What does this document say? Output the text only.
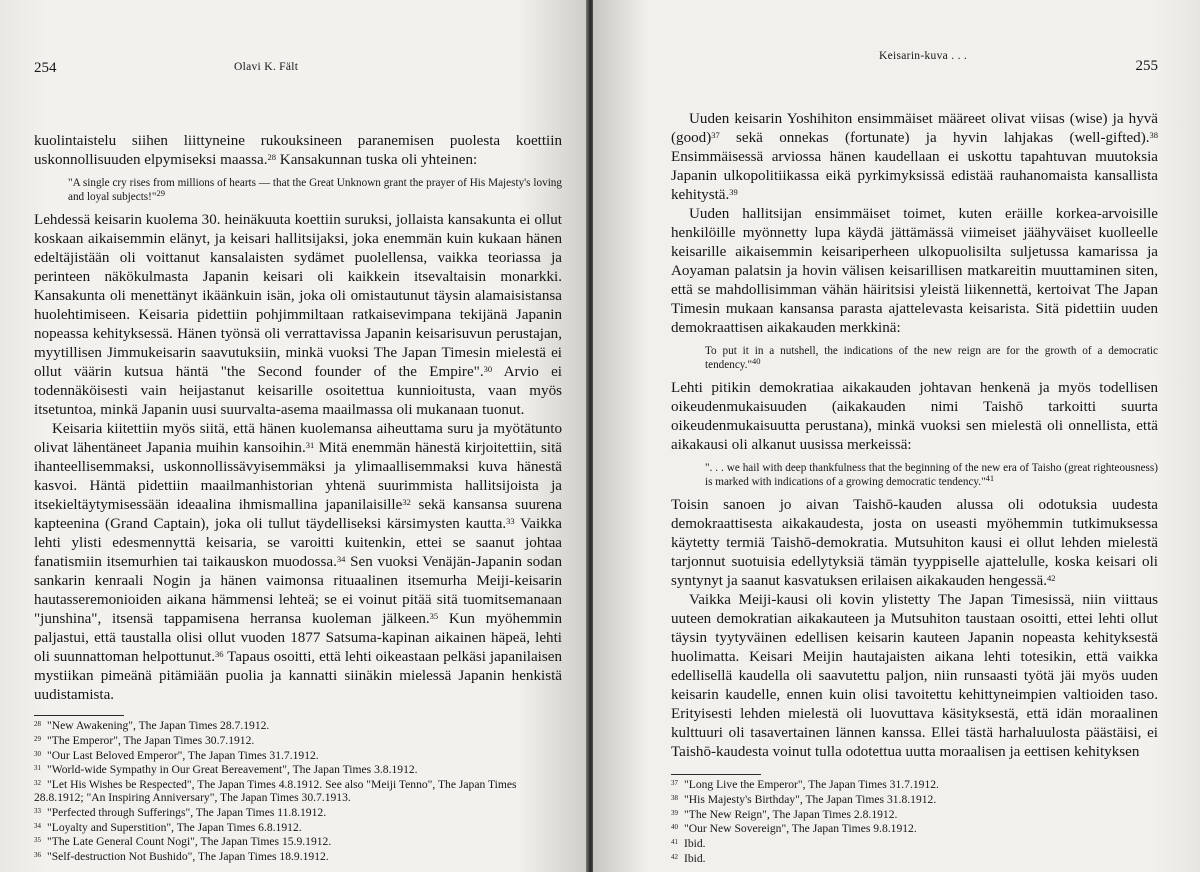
254	Olavi K. Fält

kuolintaistelu siihen liittyneine rukouksineen paranemisen puolesta koettiin uskonnollisuuden elpymiseksi maassa.$^{28}$ Kansakunnan tuska oli yhteinen:

"A single cry rises from millions of hearts — that the Great Unknown grant the prayer of His Majesty's loving and loyal subjects!"$^{29}$

Lehdessä keisarin kuolema 30. heinäkuuta koettiin suruksi, jollaista kansakunta ei ollut koskaan aikaisemmin elänyt, ja keisari hallitsijaksi, joka enemmän kuin kukaan hänen edeltäjistään oli voittanut kansalaisten sydämet puolellensa, vaikka teoriassa ja perinteen näkökulmasta Japanin keisari oli kaikkein itsevaltaisin monarkki. Kansakunta oli menettänyt ikäänkuin isän, joka oli omistautunut täysin alamaisistansa huolehtimiseen. Keisaria pidettiin pohjimmiltaan ratkaisevimpana tekijänä Japanin nopeassa kehityksessä. Hänen työnsä oli verrattavissa Japanin keisarisuvun perustajan, myytillisen Jimmukeisarin saavutuksiin, minkä vuoksi The Japan Timesin mielestä ei ollut väärin kutsua häntä "the Second founder of the Empire".$^{30}$ Arvio ei todennäköisesti vain heijastanut keisarille osoitettua kunnioitusta, vaan myös itsetuntoa, minkä Japanin uusi suurvalta-asema maailmassa oli mukanaan tuonut.

Keisaria kiitettiin myös siitä, että hänen kuolemansa aiheuttama suru ja myötätunto olivat lähentäneet Japania muihin kansoihin.$^{31}$ Mitä enemmän hänestä kirjoitettiin, sitä ihanteellisemmaksi, uskonnollissävyisemmäksi ja ylimaallisemmaksi kuva hänestä kasvoi. Häntä pidettiin maailmanhistorian yhtenä suurimmista hallitsijoista ja itsekieltäytymisessään ideaalina ihmismallina japanilaisille$^{32}$ sekä kansansa suurena kapteenina (Grand Captain), joka oli tullut täydelliseksi kärsimysten kautta.$^{33}$ Vaikka lehti ylisti edesmennyttä keisaria, se varoitti kuitenkin, ettei se saanut johtaa fanatismiin itsemurhien tai taikauskon muodossa.$^{34}$ Sen vuoksi Venäjän-Japanin sodan sankarin kenraali Nogin ja hänen vaimonsa rituaalinen itsemurha Meiji-keisarin hautasseremonioiden aikana hämmensi lehteä; se ei voinut pitää sitä tuomitsemanaan "junshina", itsensä tappamisena herransa kuoleman jälkeen.$^{35}$ Kun myöhemmin paljastui, että taustalla olisi ollut vuoden 1877 Satsuma-kapinan aikainen häpeä, lehti oli suunnattoman helpottunut.$^{36}$ Tapaus osoitti, että lehti oikeastaan pelkäsi japanilaisen mystiikan pimeänä pitämiään puolia ja kannatti siinäkin mielessä Japanin henkistä uudistamista.

$^{28}$ "New Awakening", The Japan Times 28.7.1912.
$^{29}$ "The Emperor", The Japan Times 30.7.1912.
$^{30}$ "Our Last Beloved Emperor", The Japan Times 31.7.1912.
$^{31}$ "World-wide Sympathy in Our Great Bereavement", The Japan Times 3.8.1912.
$^{32}$ "Let His Wishes be Respected", The Japan Times 4.8.1912. See also "Meiji Tenno", The Japan Times 28.8.1912; "An Inspiring Anniversary", The Japan Times 30.7.1913.
$^{33}$ "Perfected through Sufferings", The Japan Times 11.8.1912.
$^{34}$ "Loyalty and Superstition", The Japan Times 6.8.1912.
$^{35}$ "The Late General Count Nogi", The Japan Times 15.9.1912.
$^{36}$ "Self-destruction Not Bushido", The Japan Times 18.9.1912.
Keisarin-kuva . . .
255

Uuden keisarin Yoshihiton ensimmäiset määreet olivat viisas (wise) ja hyvä (good)$^{37}$ sekä onnekas (fortunate) ja hyvin lahjakas (well-gifted).$^{38}$ Ensimmäisessä arviossa hänen kaudellaan ei uskottu tapahtuvan muutoksia Japanin ulkopolitiikassa eikä pyrkimyksissä edistää rauhanomaista kansallista kehitystä.$^{39}$

Uuden hallitsijan ensimmäiset toimet, kuten eräille korkea-arvoisille henkilöille myönnetty lupa käydä jättämässä viimeiset jäähyväiset kuolleelle keisarille aikaisemmin keisariperheen ulkopuolisilta suljetussa kamarissa ja Aoyaman palatsin ja hovin välisen keisarillisen matkareitin muuttaminen siten, että se mahdollisimman vähän häiritsisi yleistä liikennettä, kertoivat The Japan Timesin mukaan kansansa parasta ajattelevasta keisarista. Sitä pidettiin uuden demokraattisen aikakauden merkkinä:

To put it in a nutshell, the indications of the new reign are for the growth of a democratic tendency."$^{40}$

Lehti pitikin demokratiaa aikakauden johtavan henkenä ja myös todellisen oikeudenmukaisuuden (aikakauden nimi Taishō tarkoitti suurta oikeudenmukaisuutta perustana), minkä vuoksi sen mielestä oli onnellista, että aikakausi oli alkanut uusissa merkeissä:

". . . we hail with deep thankfulness that the beginning of the new era of Taisho (great righteousness) is marked with indications of a growing democratic tendency."$^{41}$

Toisin sanoen jo aivan Taishō-kauden alussa oli odotuksia uudesta demokraattisesta aikakaudesta, josta on useasti myöhemmin tutkimuksessa käytetty termiä Taishō-demokratia. Mutsuhiton kausi ei ollut lehden mielestä tarjonnut suotuisia edellytyksiä tämän tyyppiselle ajattelulle, koska keisari oli syntynyt ja saanut kasvatuksen erilaisen aikakauden hengessä.$^{42}$

Vaikka Meiji-kausi oli kovin ylistetty The Japan Timesissä, niin viittaus uuteen demokratian aikakauteen ja Mutsuhiton taustaan osoitti, ettei lehti ollut täysin tyytyväinen edellisen keisarin kauteen Japanin nopeasta kehityksestä huolimatta. Keisari Meijin hautajaisten aikana lehti totesikin, että vaikka edellisellä kaudella oli saavutettu paljon, niin runsaasti työtä jäi myös uuden keisarin kaudelle, ennen kuin olisi tavoitettu kehittyneimpien valtioiden taso. Erityisesti lehden mielestä oli luovuttava käsityksestä, että idän moraalinen kulttuuri oli tasavertainen lännen kanssa. Ellei tästä harhaluulosta päästäisi, ei Taishō-kaudesta voinut tulla odotettua uutta moraalisen ja eettisen kehityksen

$^{37}$ "Long Live the Emperor", The Japan Times 31.7.1912.
$^{38}$ "His Majesty's Birthday", The Japan Times 31.8.1912.
$^{39}$ "The New Reign", The Japan Times 2.8.1912.
$^{40}$ "Our New Sovereign", The Japan Times 9.8.1912.
$^{41}$ Ibid.
$^{42}$ Ibid.
